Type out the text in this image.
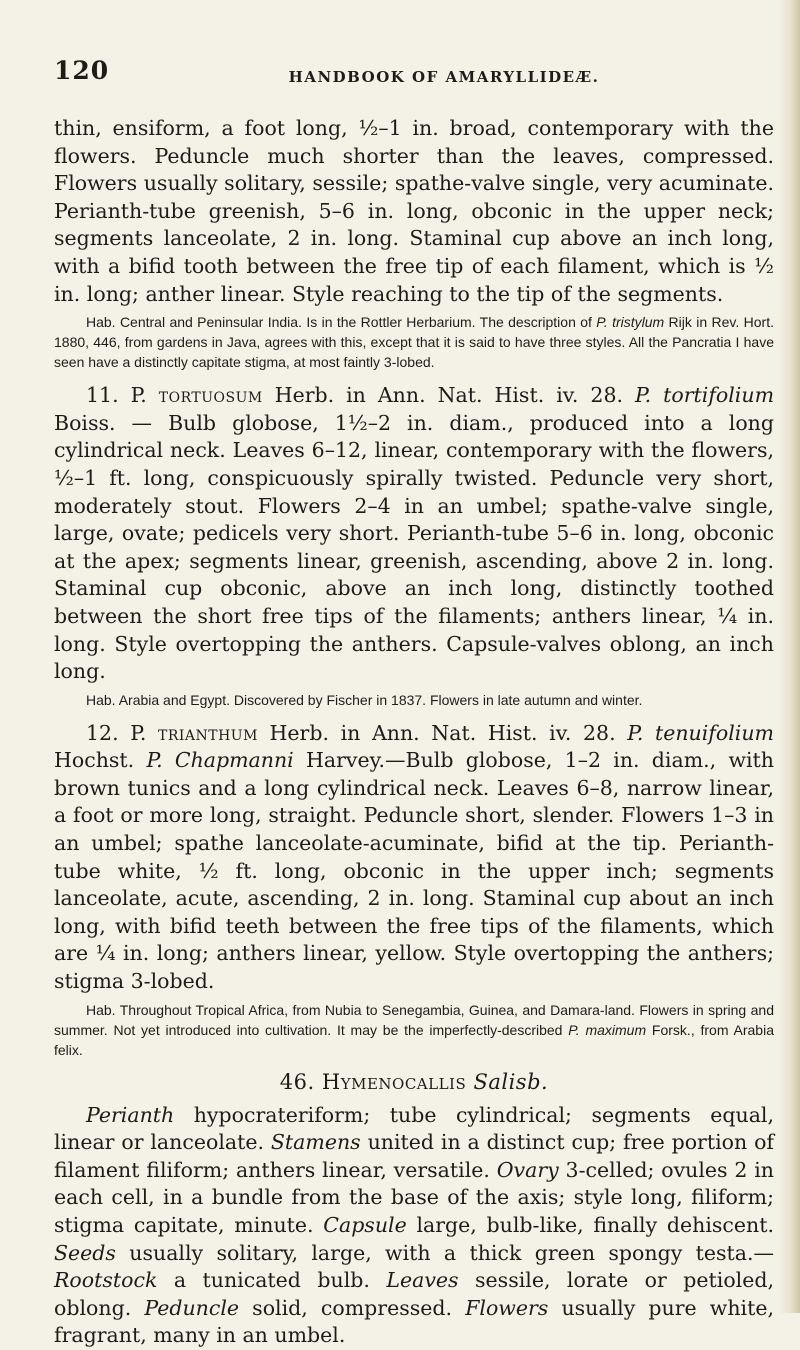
120	HANDBOOK OF AMARYLLIDEÆ.

thin, ensiform, a foot long, ½–1 in. broad, contemporary with the flowers. Peduncle much shorter than the leaves, compressed. Flowers usually solitary, sessile; spathe-valve single, very acuminate. Perianth-tube greenish, 5–6 in. long, obconic in the upper neck; segments lanceolate, 2 in. long. Staminal cup above an inch long, with a bifid tooth between the free tip of each filament, which is ½ in. long; anther linear. Style reaching to the tip of the segments.

Hab. Central and Peninsular India. Is in the Rottler Herbarium. The description of P. tristylum Rijk in Rev. Hort. 1880, 446, from gardens in Java, agrees with this, except that it is said to have three styles. All the Pancratia I have seen have a distinctly capitate stigma, at most faintly 3-lobed.

11. P. tortuosum Herb. in Ann. Nat. Hist. iv. 28. P. tortifolium Boiss. — Bulb globose, 1½–2 in. diam., produced into a long cylindrical neck. Leaves 6–12, linear, contemporary with the flowers, ½–1 ft. long, conspicuously spirally twisted. Peduncle very short, moderately stout. Flowers 2–4 in an umbel; spathe-valve single, large, ovate; pedicels very short. Perianth-tube 5–6 in. long, obconic at the apex; segments linear, greenish, ascending, above 2 in. long. Staminal cup obconic, above an inch long, distinctly toothed between the short free tips of the filaments; anthers linear, ¼ in. long. Style overtopping the anthers. Capsule-valves oblong, an inch long.

Hab. Arabia and Egypt. Discovered by Fischer in 1837. Flowers in late autumn and winter.

12. P. trianthum Herb. in Ann. Nat. Hist. iv. 28. P. tenuifolium Hochst. P. Chapmanni Harvey.—Bulb globose, 1–2 in. diam., with brown tunics and a long cylindrical neck. Leaves 6–8, narrow linear, a foot or more long, straight. Peduncle short, slender. Flowers 1–3 in an umbel; spathe lanceolate-acuminate, bifid at the tip. Perianth-tube white, ½ ft. long, obconic in the upper inch; segments lanceolate, acute, ascending, 2 in. long. Staminal cup about an inch long, with bifid teeth between the free tips of the filaments, which are ¼ in. long; anthers linear, yellow. Style overtopping the anthers; stigma 3-lobed.

Hab. Throughout Tropical Africa, from Nubia to Senegambia, Guinea, and Damara-land. Flowers in spring and summer. Not yet introduced into cultivation. It may be the imperfectly-described P. maximum Forsk., from Arabia felix.

46. Hymenocallis Salisb.

Perianth hypocrateriform; tube cylindrical; segments equal, linear or lanceolate. Stamens united in a distinct cup; free portion of filament filiform; anthers linear, versatile. Ovary 3-celled; ovules 2 in each cell, in a bundle from the base of the axis; style long, filiform; stigma capitate, minute. Capsule large, bulb-like, finally dehiscent. Seeds usually solitary, large, with a thick green spongy testa.—Rootstock a tunicated bulb. Leaves sessile, lorate or petioled, oblong. Peduncle solid, compressed. Flowers usually pure white, fragrant, many in an umbel.
